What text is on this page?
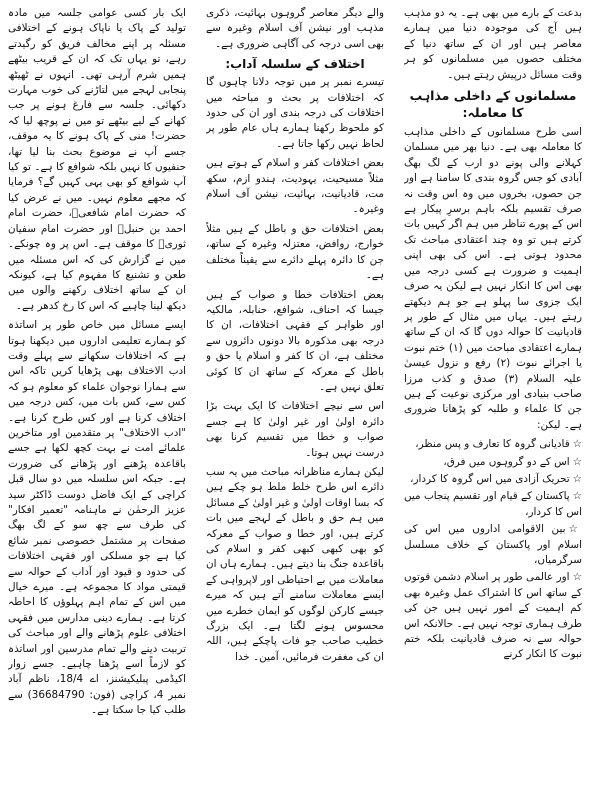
بدعت کے بارے میں بھی ہے۔ یہ دو مذہب ہیں آج کی موجودہ دنیا میں ہمارے معاصر ہیں اور ان کے ساتھ دنیا کے مختلف حصوں میں مسلمانوں کو ہر وقت مسائل درپیش رہتے ہیں۔

مسلمانوں کے داخلی مذاہب کا معاملہ:

اسی طرح مسلمانوں کے داخلی مذاہب کا معاملہ بھی ہے۔ دنیا بھر میں مسلمان کہلانے والی پونے دو ارب کے لگ بھگ آبادی کو جس گروہ بندی کا سامنا ہے اور جن حصوں، بخروں میں وہ اس وقت نہ صرف تقسیم بلکہ باہم برسرِ پیکار ہے اس کے پورے تناظر میں ہم اگر کہیں بات کرتے ہیں تو وہ چند اعتقادی مباحث تک محدود ہوتی ہے۔ اس کی بھی اپنی اہمیت و ضرورت ہے کسی درجہ میں بھی اس کا انکار نہیں ہے لیکن یہ صرف ایک جزوی سا پہلو ہے جو ہم دیکھتے رہتے ہیں۔ یہاں میں مثال کے طور پر قادیانیت کا حوالہ دوں گا کہ ان کے ساتھ ہمارے اعتقادی مباحث میں (۱) ختم نبوت یا اجرائے نبوت (۲) رفع و نزول عیسیٰ علیہ السلام (۳) صدق و کذب مرزا صاحب بنیادی اور مرکزی نوعیت کے ہیں جن کا علماء و طلبہ کو پڑھانا ضروری ہے۔ لیکن:

☆قادیانی گروہ کا تعارف و پس منظر،
☆اس کے دو گروہوں میں فرق،
☆تحریک آزادی میں اس گروہ کا کردار،
☆پاکستان کے قیام اور تقسیم پنجاب میں اس کا کردار،
☆بین الاقوامی اداروں میں اس کی اسلام اور پاکستان کے خلاف مسلسل سرگرمیاں،
☆اور عالمی طور پر اسلام دشمن قوتوں کے ساتھ اس کا اشتراک عمل وغیرہ بھی کم اہمیت کے امور نہیں ہیں جن کی طرف ہماری توجہ نہیں ہے۔ حالانکہ اس حوالہ سے نہ صرف قادیانیت بلکہ ختم نبوت کا انکار کرنے

والے دیگر معاصر گروہوں بہائیت، ذکری مذہب اور نیشن آف اسلام وغیرہ سے بھی اسی درجہ کی آگاہی ضروری ہے۔

اختلاف کے سلسلہ آداب:

تیسرے نمبر پر میں توجہ دلانا چاہوں گا کہ اختلافات پر بحث و مباحثہ میں اختلافات کی درجہ بندی اور ان کی حدود کو ملحوظ رکھنا ہمارے ہاں عام طور پر لحاظ نہیں رکھا جاتا ہے۔

بعض اختلافات کفر و اسلام کے ہوتے ہیں مثلاً مسیحیت، یہودیت، ہندو ازم، سکھ مت، قادیانیت، بہائیت، نیشن آف اسلام وغیرہ۔

بعض اختلافات حق و باطل کے ہیں مثلاً خوارج، روافض، معتزلہ وغیرہ کے ساتھ، جن کا دائرہ پہلے دائرے سے یقیناً مختلف ہے۔

بعض اختلافات خطا و صواب کے ہیں جیسا کہ احناف، شوافع، حنابلہ، مالکیہ اور ظواہر کے فقہی اختلافات، ان کا درجہ بھی مذکورہ بالا دونوں دائروں سے مختلف ہے، ان کا کفر و اسلام یا حق و باطل کے معرکہ کے ساتھ ان کا کوئی تعلق نہیں ہے۔

اس سے نیچے اختلافات کا ایک بہت بڑا دائرہ اولیٰ اور غیر اولیٰ کا ہے جسے صواب و خطا میں تقسیم کرنا بھی درست نہیں ہوتا۔

لیکن ہمارے مناظرانہ مباحث میں یہ سب دائرے اس طرح خلط ملط ہو چکے ہیں کہ بسا اوقات اولیٰ و غیر اولیٰ کے مسائل میں ہم حق و باطل کے لہجے میں بات کرتے ہیں، اور خطا و صواب کے معرکہ کو بھی کبھی کبھی کفر و اسلام کی باقاعدہ جنگ بنا دیتے ہیں۔ ہمارے ہاں ان معاملات میں بے احتیاطی اور لاپرواہی کے ایسے معاملات سامنے آتے ہیں کہ میرے جیسے کارکن لوگوں کو ایمان خطرے میں محسوس ہونے لگتا ہے۔ ایک بزرگ خطیب صاحب جو فات پاچکے ہیں، اللہ ان کی مغفرت فرمائیں، آمین۔ خدا

ایک بار کسی عوامی جلسہ میں مادہ تولید کے پاک یا ناپاک ہونے کے اختلافی مسئلہ پر اپنے مخالف فریق کو رگیدتے رہے، تو یہاں تک کہ ان کے قریب بیٹھے ہمیں شرم آرہی تھی۔ انہوں نے ٹھیٹھ پنجابی لہجے میں لتاڑنے کی خوب مہارت دکھائی۔ جلسہ سے فارغ ہونے پر جب کھانے کے لیے بیٹھے تو میں نے پوچھ لیا کہ حضرت! منی کے پاک ہونے کا یہ موقف، جسے آپ نے موضوع بحث بنا لیا تھا، حنفیوں کا نہیں بلکہ شوافع کا ہے۔ تو کیا آپ شوافع کو بھی یہی کہیں گے؟ فرمایا کہ مجھے معلوم نہیں۔ میں نے عرض کیا کہ حضرت امام شافعیؒ، حضرت امام احمد بن حنبلؒ اور حضرت امام سفیان ثوریؒ کا موقف ہے۔ اس پر وہ چونکے۔ میں نے گزارش کی کہ اس مسئلہ میں طعن و تشنیع کا مفہوم کیا ہے، کیونکہ ان کے ساتھ اختلاف رکھنے والوں میں دیکھ لینا چاہیے کہ اس کا رخ کدھر ہے۔

ایسے مسائل میں خاص طور پر اساتذہ کو ہمارے تعلیمی اداروں میں دیکھنا ہوتا ہے کہ اختلافات سکھانے سے پہلے وقت ادب الاختلاف بھی پڑھایا کریں تاکہ اس سے ہمارا نوجوان علماء کو معلوم ہو کہ کس سے، کس بات میں، کس درجہ میں اختلاف کرنا ہے اور کس طرح کرنا ہے۔ "ادب الاختلاف" پر متقدمین اور متاخرین علمائے امت نے بہت کچھ لکھا ہے جسے باقاعدہ پڑھنے اور پڑھانے کی ضرورت ہے۔ جبکہ اس سلسلہ میں دو سال قبل کراچی کے ایک فاضل دوست ڈاکٹر سید عزیز الرحمٰن نے ماہنامہ "تعمیر افکار" کی طرف سے چھ سو کے لگ بھگ صفحات پر مشتمل خصوصی نمبر شائع کیا ہے جو مسلکی اور فقہی اختلافات کی حدود و قیود اور آداب کے حوالہ سے قیمتی مواد کا مجموعہ ہے۔ میرے خیال میں اس کے تمام اہم پہلوؤں کا احاطہ کرتا ہے۔ ہمارے دینی مدارس میں فقہی اختلافی علوم پڑھانے والے اور مباحث کی تربیت دینے والے تمام مدرسین اور اساتذہ کو لازماً اسے پڑھنا چاہیے۔ جسے زوار اکیڈمی پبلیکیشنز، اے 18/4، ناظم آباد نمبر 4، کراچی (فون: 36684790) سے طلب کیا جا سکتا ہے۔
